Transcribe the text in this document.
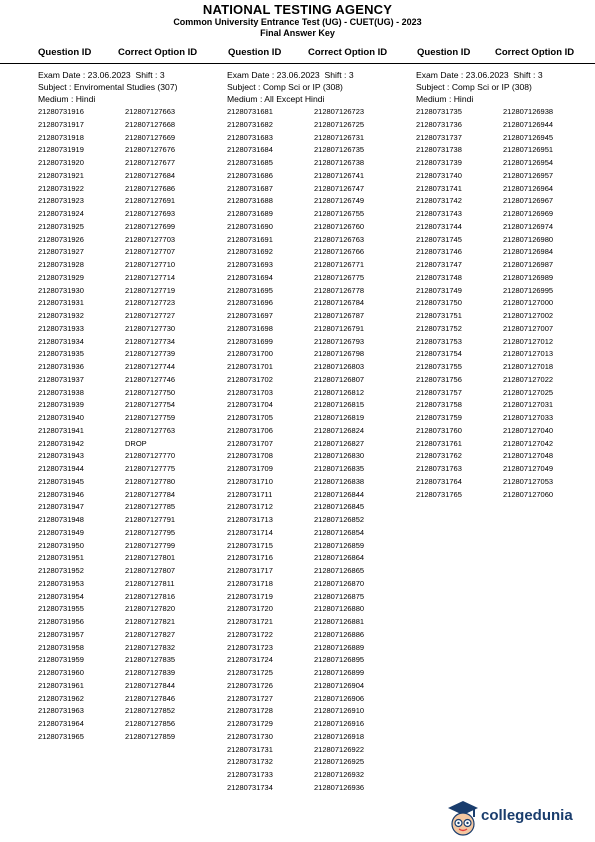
NATIONAL TESTING AGENCY
Common University Entrance Test (UG) - CUET(UG) - 2023
Final Answer Key
Question ID	Correct Option ID	Question ID	Correct Option ID	Question ID	Correct Option ID
Exam Date : 23.06.2023 Shift : 3
Subject : Enviromental Studies (307)
Medium : Hindi
21280731916	212807127663
21280731917	212807127668
21280731918	212807127669
21280731919	212807127676
21280731920	212807127677
21280731921	212807127684
21280731922	212807127686
21280731923	212807127691
21280731924	212807127693
21280731925	212807127699
21280731926	212807127703
21280731927	212807127707
21280731928	212807127710
21280731929	212807127714
21280731930	212807127719
21280731931	212807127723
21280731932	212807127727
21280731933	212807127730
21280731934	212807127734
21280731935	212807127739
21280731936	212807127744
21280731937	212807127746
21280731938	212807127750
21280731939	212807127754
21280731940	212807127759
21280731941	212807127763
21280731942	DROP
21280731943	212807127770
21280731944	212807127775
21280731945	212807127780
21280731946	212807127784
21280731947	212807127785
21280731948	212807127791
21280731949	212807127795
21280731950	212807127799
21280731951	212807127801
21280731952	212807127807
21280731953	212807127811
21280731954	212807127816
21280731955	212807127820
21280731956	212807127821
21280731957	212807127827
21280731958	212807127832
21280731959	212807127835
21280731960	212807127839
21280731961	212807127844
21280731962	212807127846
21280731963	212807127852
21280731964	212807127856
21280731965	212807127859
Exam Date : 23.06.2023 Shift : 3
Subject : Comp Sci or IP (308)
Medium : All Except Hindi
21280731681	212807126723
21280731682	212807126725
21280731683	212807126731
21280731684	212807126735
21280731685	212807126738
21280731686	212807126741
21280731687	212807126747
21280731688	212807126749
21280731689	212807126755
21280731690	212807126760
21280731691	212807126763
21280731692	212807126766
21280731693	212807126771
21280731694	212807126775
21280731695	212807126778
21280731696	212807126784
21280731697	212807126787
21280731698	212807126791
21280731699	212807126793
21280731700	212807126798
21280731701	212807126803
21280731702	212807126807
21280731703	212807126812
21280731704	212807126815
21280731705	212807126819
21280731706	212807126824
21280731707	212807126827
21280731708	212807126830
21280731709	212807126835
21280731710	212807126838
21280731711	212807126844
21280731712	212807126845
21280731713	212807126852
21280731714	212807126854
21280731715	212807126859
21280731716	212807126864
21280731717	212807126865
21280731718	212807126870
21280731719	212807126875
21280731720	212807126880
21280731721	212807126881
21280731722	212807126886
21280731723	212807126889
21280731724	212807126895
21280731725	212807126899
21280731726	212807126904
21280731727	212807126906
21280731728	212807126910
21280731729	212807126916
21280731730	212807126918
21280731731	212807126922
21280731732	212807126925
21280731733	212807126932
21280731734	212807126936
Exam Date : 23.06.2023 Shift : 3
Subject : Comp Sci or IP (308)
Medium : Hindi
21280731735	212807126938
21280731736	212807126944
21280731737	212807126945
21280731738	212807126951
21280731739	212807126954
21280731740	212807126957
21280731741	212807126964
21280731742	212807126967
21280731743	212807126969
21280731744	212807126974
21280731745	212807126980
21280731746	212807126984
21280731747	212807126987
21280731748	212807126989
21280731749	212807126995
21280731750	212807127000
21280731751	212807127002
21280731752	212807127007
21280731753	212807127012
21280731754	212807127013
21280731755	212807127018
21280731756	212807127022
21280731757	212807127025
21280731758	212807127031
21280731759	212807127033
21280731760	212807127040
21280731761	212807127042
21280731762	212807127048
21280731763	212807127049
21280731764	212807127053
21280731765	212807127060
collegedunia
